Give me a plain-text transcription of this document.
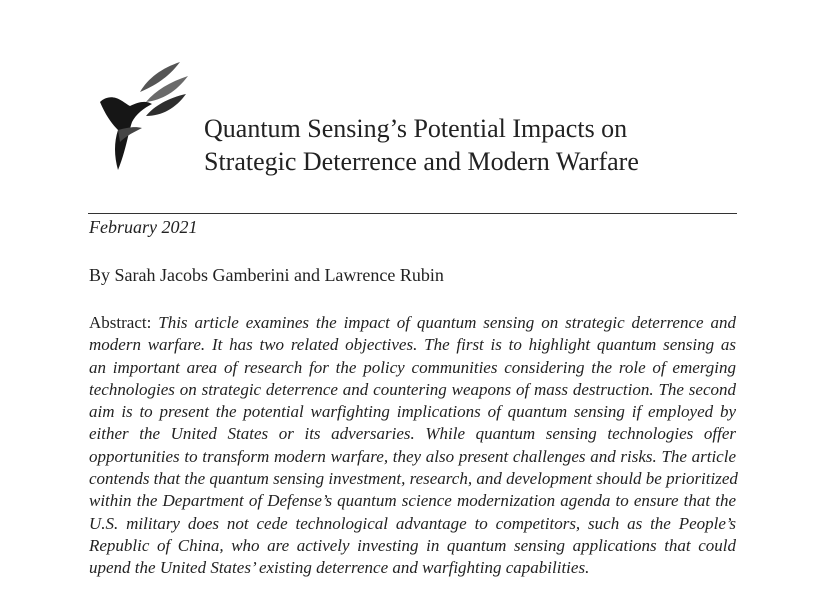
Quantum Sensing’s Potential Impacts on
Strategic Deterrence and Modern Warfare
February 2021
By Sarah Jacobs Gamberini and Lawrence Rubin
Abstract: This article examines the impact of quantum sensing on strategic deterrence and
modern warfare. It has two related objectives. The first is to highlight quantum sensing as
an important area of research for the policy communities considering the role of emerging
technologies on strategic deterrence and countering weapons of mass destruction. The second
aim is to present the potential warfighting implications of quantum sensing if employed by
either the United States or its adversaries. While quantum sensing technologies offer
opportunities to transform modern warfare, they also present challenges and risks. The article
contends that the quantum sensing investment, research, and development should be prioritized
within the Department of Defense’s quantum science modernization agenda to ensure that the
U.S. military does not cede technological advantage to competitors, such as the People’s
Republic of China, who are actively investing in quantum sensing applications that could
upend the United States’ existing deterrence and warfighting capabilities.
